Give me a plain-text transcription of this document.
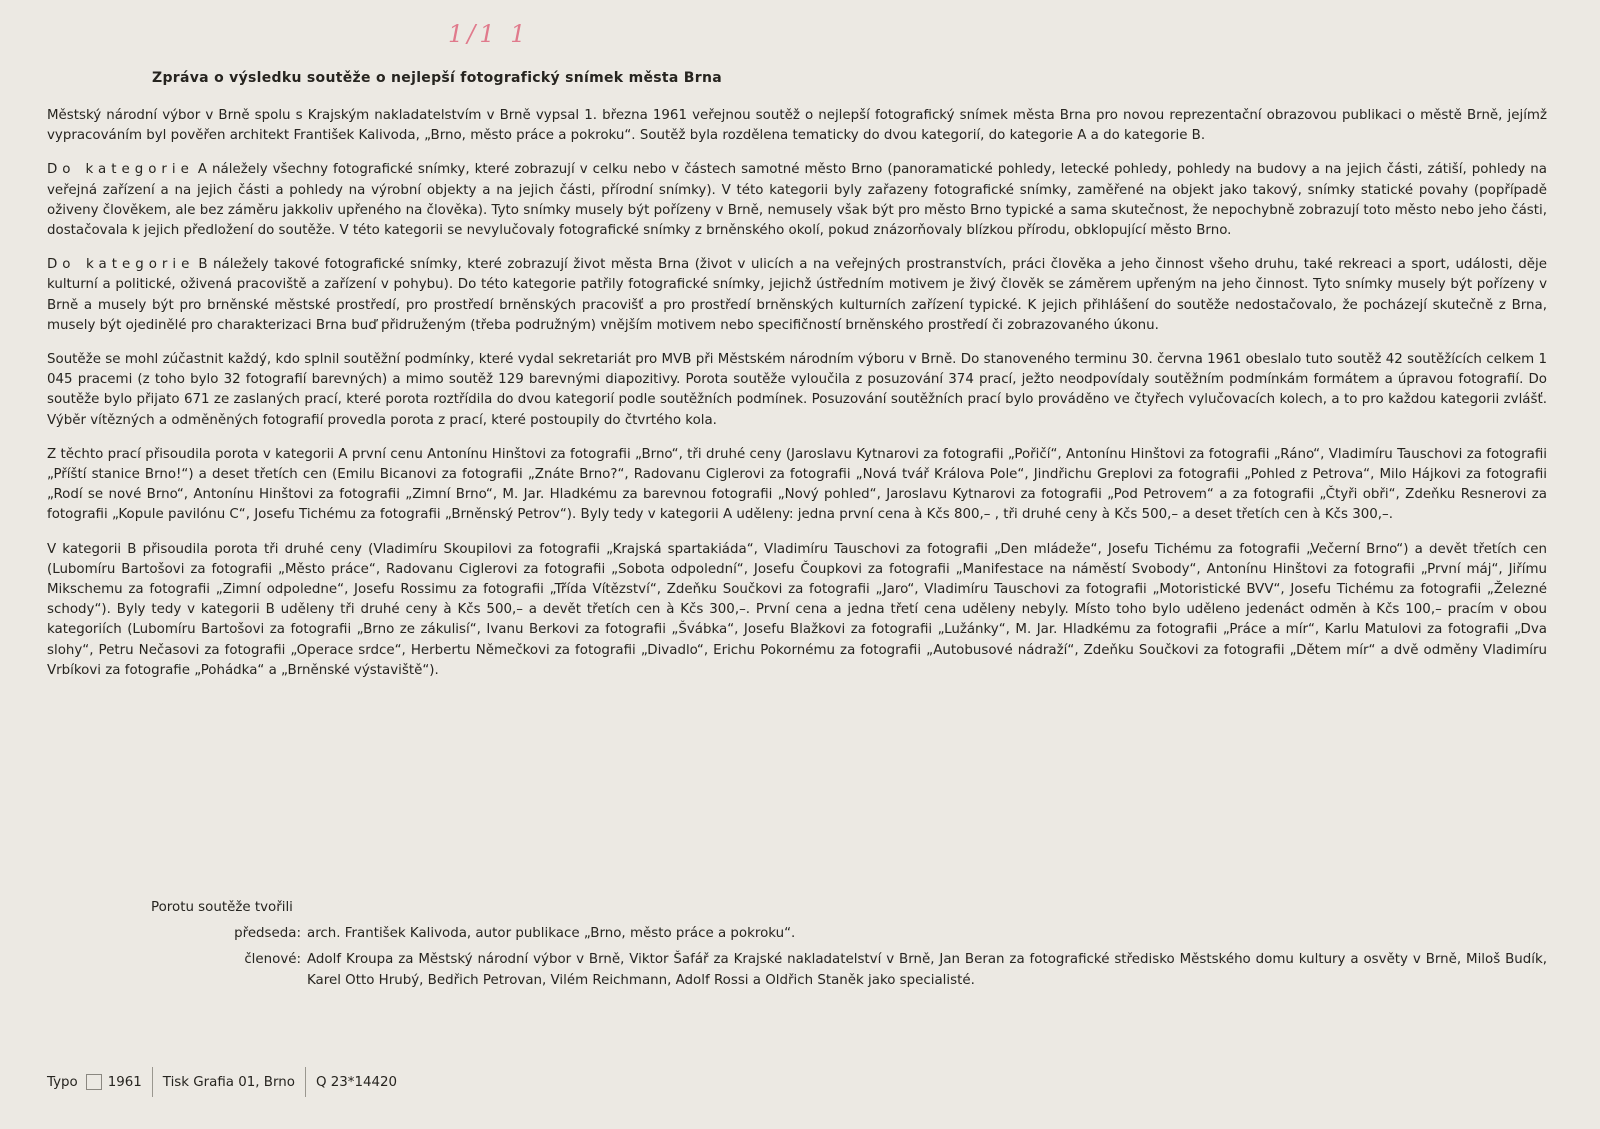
1/1 1
Zpráva o výsledku soutěže o nejlepší fotografický snímek města Brna

Městský národní výbor v Brně spolu s Krajským nakladatelstvím v Brně vypsal 1. března 1961 veřejnou soutěž o nejlepší fotografický snímek města Brna pro novou reprezentační obrazovou publikaci o městě Brně, jejímž vypracováním byl pověřen architekt František Kalivoda, „Brno, město práce a pokroku“. Soutěž byla rozdělena tematicky do dvou kategorií, do kategorie A a do kategorie B.

Do kategorie A náležely všechny fotografické snímky, které zobrazují v celku nebo v částech samotné město Brno (panoramatické pohledy, letecké pohledy, pohledy na budovy a na jejich části, zátiší, pohledy na veřejná zařízení a na jejich části a pohledy na výrobní objekty a na jejich části, přírodní snímky). V této kategorii byly zařazeny fotografické snímky, zaměřené na objekt jako takový, snímky statické povahy (popřípadě oživeny člověkem, ale bez záměru jakkoliv upřeného na člověka). Tyto snímky musely být pořízeny v Brně, nemusely však být pro město Brno typické a sama skutečnost, že nepochybně zobrazují toto město nebo jeho části, dostačovala k jejich předložení do soutěže. V této kategorii se nevylučovaly fotografické snímky z brněnského okolí, pokud znázorňovaly blízkou přírodu, obklopující město Brno.

Do kategorie B náležely takové fotografické snímky, které zobrazují život města Brna (život v ulicích a na veřejných prostranstvích, práci člověka a jeho činnost všeho druhu, také rekreaci a sport, události, děje kulturní a politické, oživená pracoviště a zařízení v pohybu). Do této kategorie patřily fotografické snímky, jejichž ústředním motivem je živý člověk se záměrem upřeným na jeho činnost. Tyto snímky musely být pořízeny v Brně a musely být pro brněnské městské prostředí, pro prostředí brněnských pracovišť a pro prostředí brněnských kulturních zařízení typické. K jejich přihlášení do soutěže nedostačovalo, že pocházejí skutečně z Brna, musely být ojedinělé pro charakterizaci Brna buď přidruženým (třeba podružným) vnějším motivem nebo specifičností brněnského prostředí či zobrazovaného úkonu.

Soutěže se mohl zúčastnit každý, kdo splnil soutěžní podmínky, které vydal sekretariát pro MVB při Městském národním výboru v Brně. Do stanoveného terminu 30. června 1961 obeslalo tuto soutěž 42 soutěžících celkem 1 045 pracemi (z toho bylo 32 fotografií barevných) a mimo soutěž 129 barevnými diapozitivy. Porota soutěže vyloučila z posuzování 374 prací, ježto neodpovídaly soutěžním podmínkám formátem a úpravou fotografií. Do soutěže bylo přijato 671 ze zaslaných prací, které porota roztřídila do dvou kategorií podle soutěžních podmínek. Posuzování soutěžních prací bylo prováděno ve čtyřech vylučovacích kolech, a to pro každou kategorii zvlášť. Výběr vítězných a odměněných fotografií provedla porota z prací, které postoupily do čtvrtého kola.

Z těchto prací přisoudila porota v kategorii A první cenu Antonínu Hinštovi za fotografii „Brno“, tři druhé ceny (Jaroslavu Kytnarovi za fotografii „Pořičí“, Antonínu Hinštovi za fotografii „Ráno“, Vladimíru Tauschovi za fotografii „Příští stanice Brno!“) a deset třetích cen (Emilu Bicanovi za fotografii „Znáte Brno?“, Radovanu Ciglerovi za fotografii „Nová tvář Králova Pole“, Jindřichu Greplovi za fotografii „Pohled z Petrova“, Milo Hájkovi za fotografii „Rodí se nové Brno“, Antonínu Hinštovi za fotografii „Zimní Brno“, M. Jar. Hladkému za barevnou fotografii „Nový pohled“, Jaroslavu Kytnarovi za fotografii „Pod Petrovem“ a za fotografii „Čtyři obři“, Zdeňku Resnerovi za fotografii „Kopule pavilónu C“, Josefu Tichému za fotografii „Brněnský Petrov“). Byly tedy v kategorii A uděleny: jedna první cena à Kčs 800,– , tři druhé ceny à Kčs 500,– a deset třetích cen à Kčs 300,–.

V kategorii B přisoudila porota tři druhé ceny (Vladimíru Skoupilovi za fotografii „Krajská spartakiáda“, Vladimíru Tauschovi za fotografii „Den mládeže“, Josefu Tichému za fotografii „Večerní Brno“) a devět třetích cen (Lubomíru Bartošovi za fotografii „Město práce“, Radovanu Ciglerovi za fotografii „Sobota odpolední“, Josefu Čoupkovi za fotografii „Manifestace na náměstí Svobody“, Antonínu Hinštovi za fotografii „První máj“, Jiřímu Mikschemu za fotografii „Zimní odpoledne“, Josefu Rossimu za fotografii „Třída Vítězství“, Zdeňku Součkovi za fotografii „Jaro“, Vladimíru Tauschovi za fotografii „Motoristické BVV“, Josefu Tichému za fotografii „Železné schody“). Byly tedy v kategorii B uděleny tři druhé ceny à Kčs 500,– a devět třetích cen à Kčs 300,–. První cena a jedna třetí cena uděleny nebyly. Místo toho bylo uděleno jedenáct odměn à Kčs 100,– pracím v obou kategoriích (Lubomíru Bartošovi za fotografii „Brno ze zákulisí“, Ivanu Berkovi za fotografii „Švábka“, Josefu Blažkovi za fotografii „Lužánky“, M. Jar. Hladkému za fotografii „Práce a mír“, Karlu Matulovi za fotografii „Dva slohy“, Petru Nečasovi za fotografii „Operace srdce“, Herbertu Němečkovi za fotografii „Divadlo“, Erichu Pokornému za fotografii „Autobusové nádraží“, Zdeňku Součkovi za fotografii „Dětem mír“ a dvě odměny Vladimíru Vrbíkovi za fotografie „Pohádka“ a „Brněnské výstaviště“).

Porotu soutěže tvořili
předseda: arch. František Kalivoda, autor publikace „Brno, město práce a pokroku“.
členové: Adolf Kroupa za Městský národní výbor v Brně, Viktor Šafář za Krajské nakladatelství v Brně, Jan Beran za fotografické středisko Městského domu kultury a osvěty v Brně, Miloš Budík, Karel Otto Hrubý, Bedřich Petrovan, Vilém Reichmann, Adolf Rossi a Oldřich Staněk jako specialisté.
Typo 1961 Tisk Grafia 01, Brno Q 23*14420
